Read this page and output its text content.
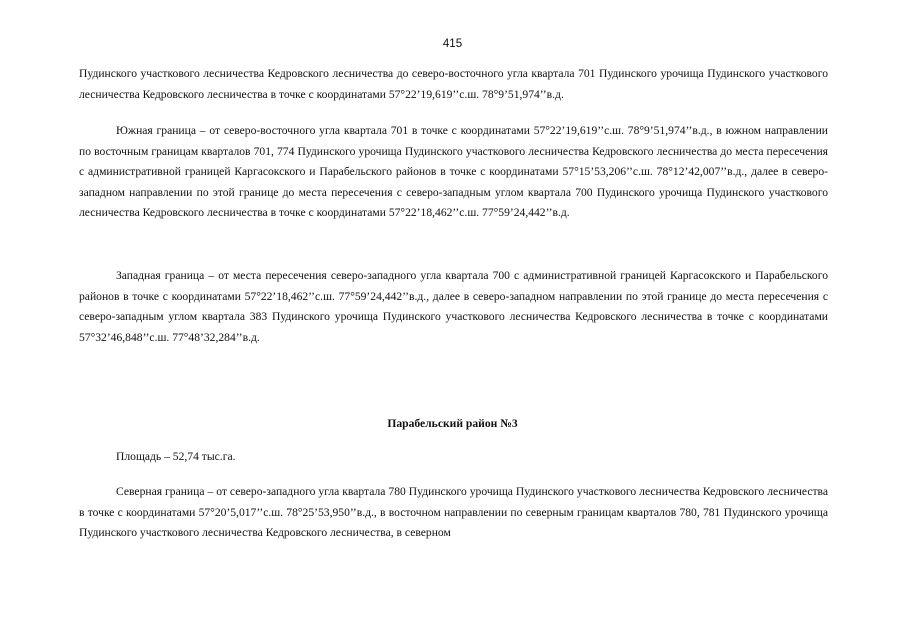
415

Пудинского участкового лесничества Кедровского лесничества до северо-восточного угла квартала 701 Пудинского урочища Пудинского участкового лесничества Кедровского лесничества в точке с координатами 57°22’19,619’’с.ш. 78°9’51,974’’в.д.

Южная граница – от северо-восточного угла квартала 701 в точке с координатами 57°22’19,619’’с.ш. 78°9’51,974’’в.д., в южном направлении по восточным границам кварталов 701, 774 Пудинского урочища Пудинского участкового лесничества Кедровского лесничества до места пересечения с административной границей Каргасокского и Парабельского районов в точке с координатами 57°15’53,206’’с.ш. 78°12’42,007’’в.д., далее в северо-западном направлении по этой границе до места пересечения с северо-западным углом квартала 700 Пудинского урочища Пудинского участкового лесничества Кедровского лесничества в точке с координатами 57°22’18,462’’с.ш. 77°59’24,442’’в.д.

Западная граница – от места пересечения северо-западного угла квартала 700 с административной границей Каргасокского и Парабельского районов в точке с координатами 57°22’18,462’’с.ш. 77°59’24,442’’в.д., далее в северо-западном направлении по этой границе до места пересечения с северо-западным углом квартала 383 Пудинского урочища Пудинского участкового лесничества Кедровского лесничества в точке с координатами 57°32’46,848’’с.ш. 77°48’32,284’’в.д.

Парабельский район №3

Площадь – 52,74 тыс.га.

Северная граница – от северо-западного угла квартала 780 Пудинского урочища Пудинского участкового лесничества Кедровского лесничества в точке с координатами 57°20’5,017’’с.ш. 78°25’53,950’’в.д., в восточном направлении по северным границам кварталов 780, 781 Пудинского урочища Пудинского участкового лесничества Кедровского лесничества, в северном
